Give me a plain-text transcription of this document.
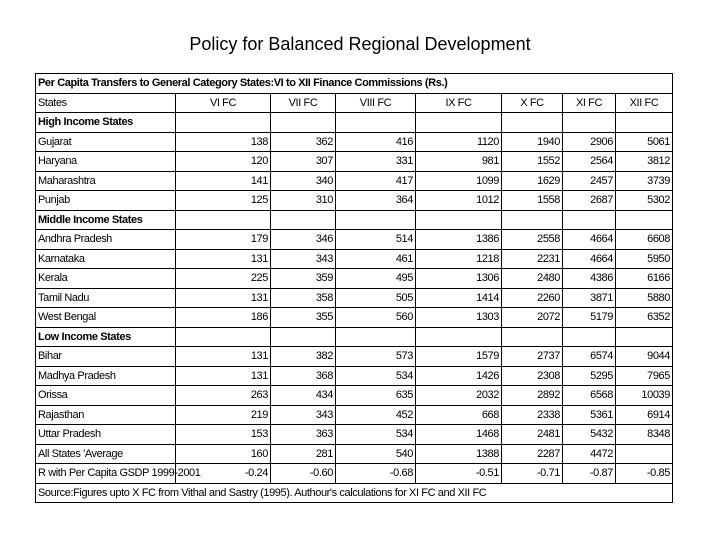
Policy for Balanced Regional Development
Per Capita Transfers to General Category States:VI to XII Finance Commissions (Rs.)							
States	VI FC	VII FC	VIII FC	IX FC	X FC	XI FC	XII FC
High Income States							
Gujarat	138	362	416	1120	1940	2906	5061
Haryana	120	307	331	981	1552	2564	3812
Maharashtra	141	340	417	1099	1629	2457	3739
Punjab	125	310	364	1012	1558	2687	5302
Middle Income States							
Andhra Pradesh	179	346	514	1386	2558	4664	6608
Karnataka	131	343	461	1218	2231	4664	5950
Kerala	225	359	495	1306	2480	4386	6166
Tamil Nadu	131	358	505	1414	2260	3871	5880
West Bengal	186	355	560	1303	2072	5179	6352
Low Income States							
Bihar	131	382	573	1579	2737	6574	9044
Madhya Pradesh	131	368	534	1426	2308	5295	7965
Orissa	263	434	635	2032	2892	6568	10039
Rajasthan	219	343	452	668	2338	5361	6914
Uttar Pradesh	153	363	534	1468	2481	5432	8348
All States 'Average	160	281	540	1388	2287	4472	
R with Per Capita GSDP 1999-2001	-0.24	-0.60	-0.68	-0.51	-0.71	-0.87	-0.85
Source:Figures upto X FC from Vithal and Sastry (1995). Authour's calculations for XI FC and XII FC							
